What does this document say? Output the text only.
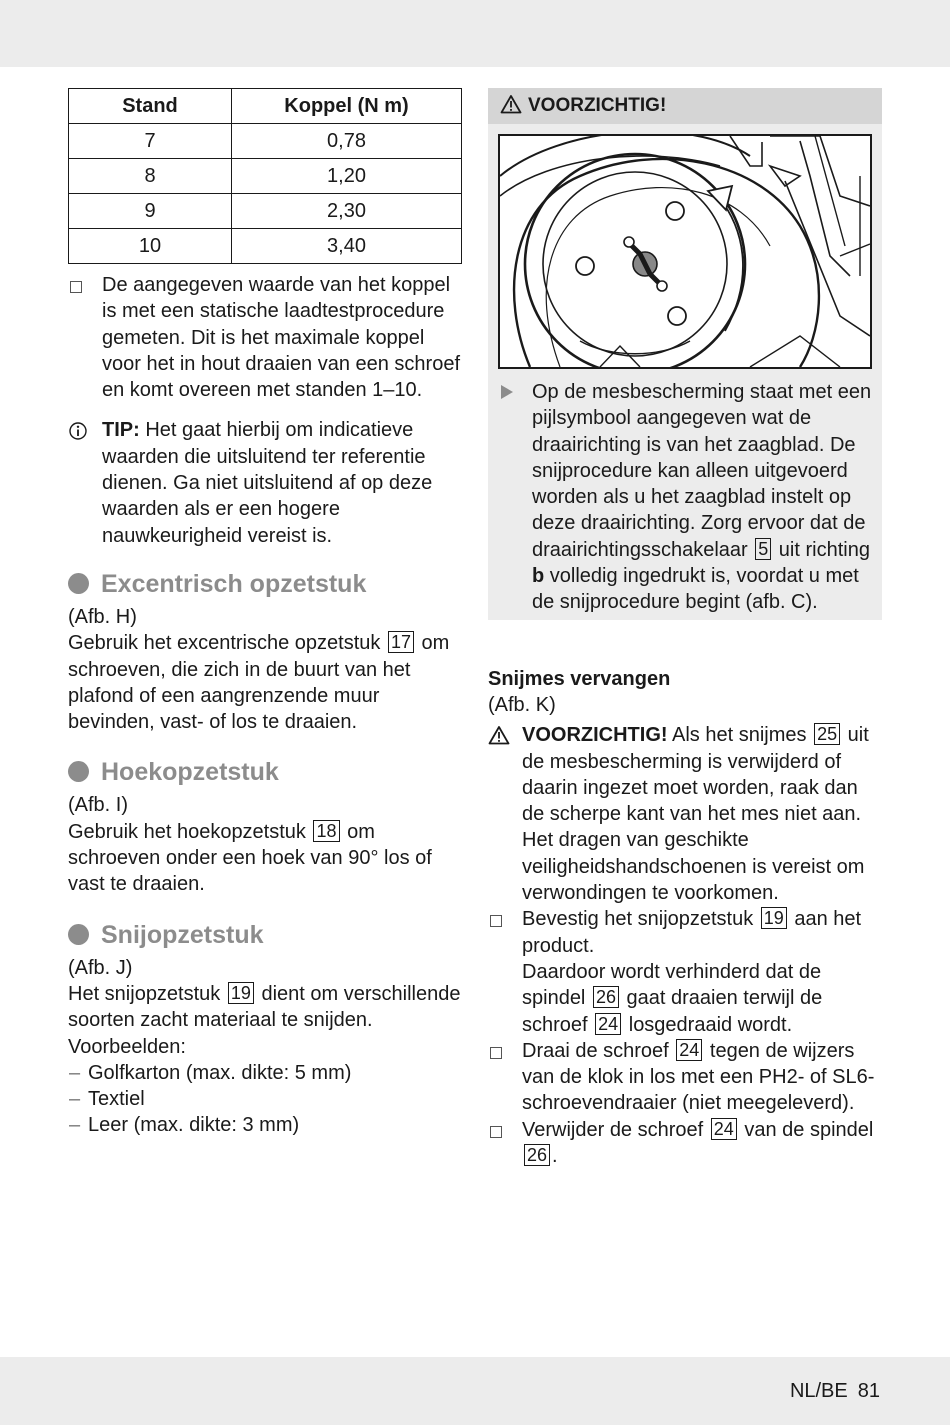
Stand	Koppel (N m)
7	0,78
8	1,20
9	2,30
10	3,40
De aangegeven waarde van het koppel is met een statische laadtestprocedure gemeten. Dit is het maximale koppel voor het in hout draaien van een schroef en komt overeen met standen 1–10.
TIP: Het gaat hierbij om indicatieve waarden die uitsluitend ter referentie dienen. Ga niet uitsluitend af op deze waarden als er een hogere nauwkeurigheid vereist is.
Excentrisch opzetstuk
(Afb. H)
Gebruik het excentrische opzetstuk 17 om schroeven, die zich in de buurt van het plafond of een aangrenzende muur bevinden, vast- of los te draaien.
Hoekopzetstuk
(Afb. I)
Gebruik het hoekopzetstuk 18 om schroeven onder een hoek van 90° los of vast te draaien.
Snijopzetstuk
(Afb. J)
Het snijopzetstuk 19 dient om verschillende soorten zacht materiaal te snijden. Voorbeelden:
– Golfkarton (max. dikte: 5 mm)
– Textiel
– Leer (max. dikte: 3 mm)
VOORZICHTIG!
Op de mesbescherming staat met een pijlsymbool aangegeven wat de draairichting is van het zaagblad. De snijprocedure kan alleen uitgevoerd worden als u het zaagblad instelt op deze draairichting. Zorg ervoor dat de draairichtingsschakelaar 5 uit richting b volledig ingedrukt is, voordat u met de snijprocedure begint (afb. C).
Snijmes vervangen
(Afb. K)
VOORZICHTIG! Als het snijmes 25 uit de mesbescherming is verwijderd of daarin ingezet moet worden, raak dan de scherpe kant van het mes niet aan. Het dragen van geschikte veiligheidshandschoenen is vereist om verwondingen te voorkomen.
Bevestig het snijopzetstuk 19 aan het product.
Daardoor wordt verhinderd dat de spindel 26 gaat draaien terwijl de schroef 24 losgedraaid wordt.
Draai de schroef 24 tegen de wijzers van de klok in los met een PH2- of SL6-schroevendraaier (niet meegeleverd).
Verwijder de schroef 24 van de spindel 26 .
NL/BE 81
